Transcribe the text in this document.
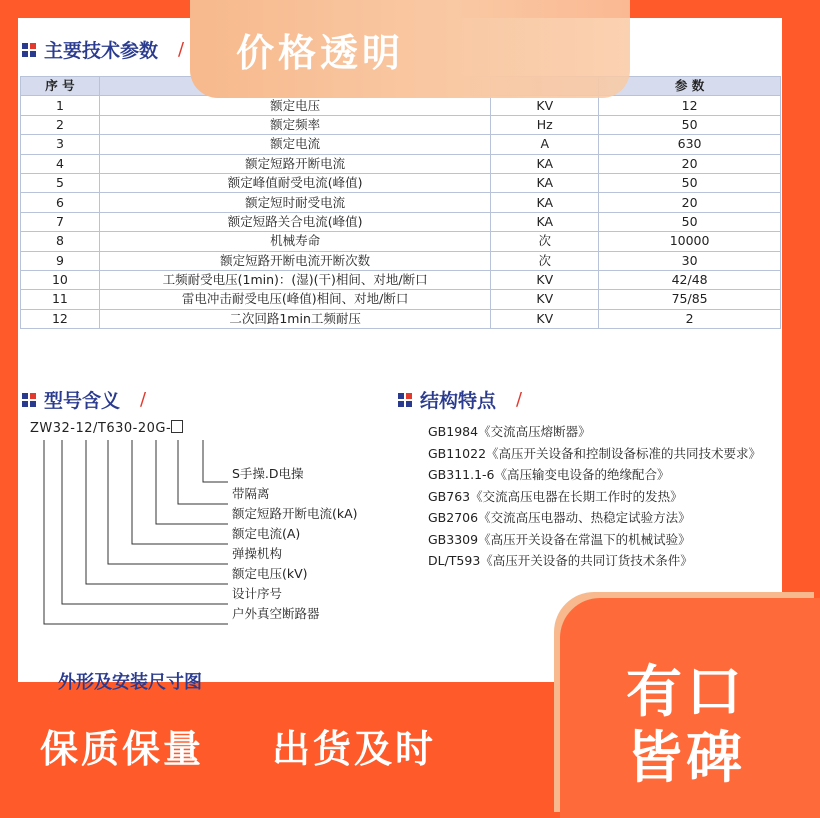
主要技术参数 /
序 号			参 数
1	额定电压	KV	12
2	额定频率	Hz	50
3	额定电流	A	630
4	额定短路开断电流	KA	20
5	额定峰值耐受电流(峰值)	KA	50
6	额定短时耐受电流	KA	20
7	额定短路关合电流(峰值)	KA	50
8	机械寿命	次	10000
9	额定短路开断电流开断次数	次	30
10	工频耐受电压(1min)：(湿)(干)相间、对地/断口	KV	42/48
11	雷电冲击耐受电压(峰值)相间、对地/断口	KV	75/85
12	二次回路1min工频耐压	KV	2
型号含义 /
ZW32-12/T630-20G-
S手操.D电操
带隔离
额定短路开断电流(kA)
额定电流(A)
弹操机构
额定电压(kV)
设计序号
户外真空断路器
结构特点 /
GB1984《交流高压熔断器》
GB11022《高压开关设备和控制设备标准的共同技术要求》
GB311.1-6《高压输变电设备的绝缘配合》
GB763《交流高压电器在长期工作时的发热》
GB2706《交流高压电器动、热稳定试验方法》
GB3309《高压开关设备在常温下的机械试验》
DL/T593《高压开关设备的共同订货技术条件》
外形及安装尺寸图
价格透明
保质保量 出货及时
有口
皆碑
